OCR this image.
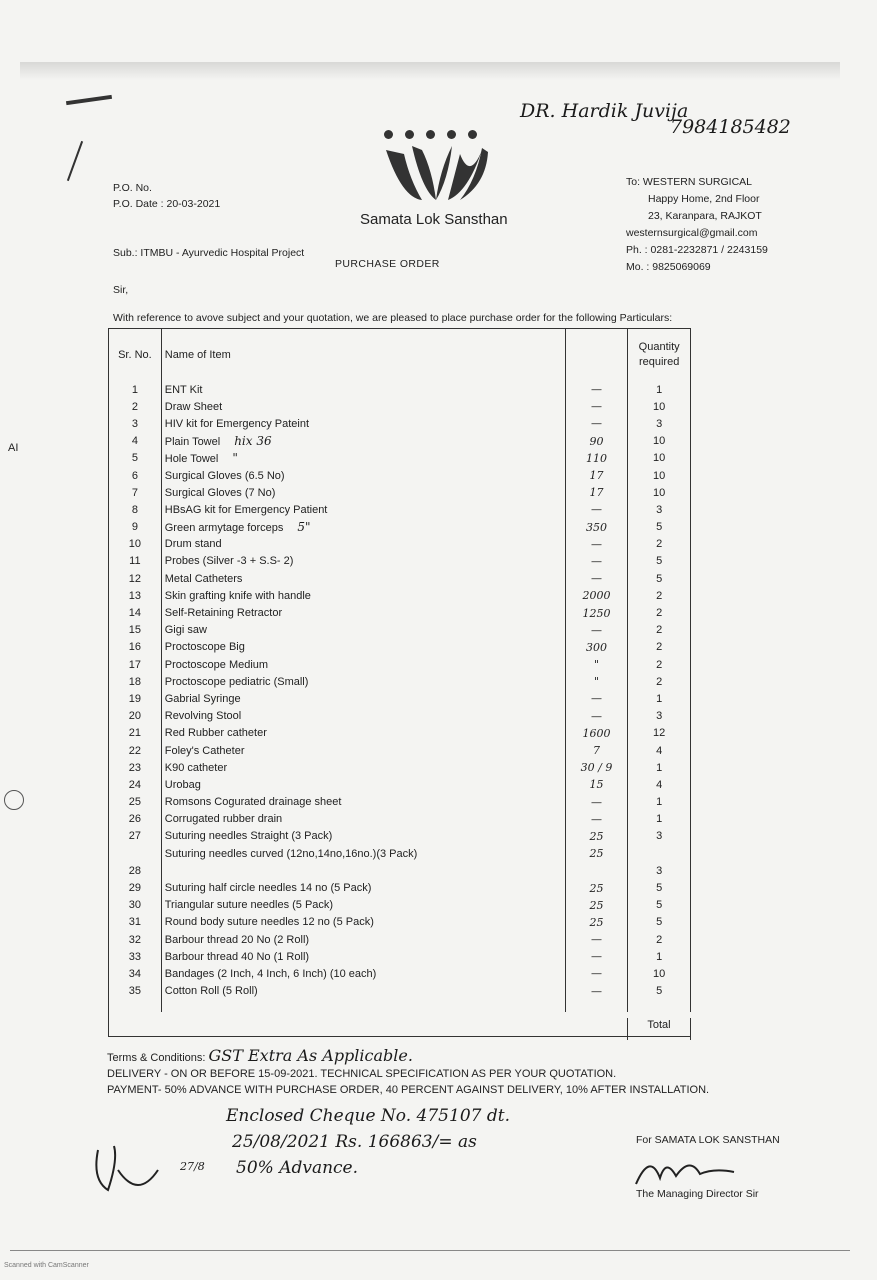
DR. Hardik Juvija
7984185482
Samata Lok Sansthan
P.O. No.
P.O. Date : 20-03-2021
To: WESTERN SURGICAL
Happy Home, 2nd Floor
23, Karanpara, RAJKOT
westernsurgical@gmail.com
Ph. : 0281-2232871 / 2243159
Mo. : 9825069069
Sub.: ITMBU - Ayurvedic Hospital Project
PURCHASE ORDER
Sir,
With reference to avove subject and your quotation, we are pleased to place purchase order for the following Particulars:
Sr. No.	Name of Item		Quantity required
1	ENT Kit	—	1
2	Draw Sheet	—	10
3	HIV kit for Emergency Pateint	—	3
4	Plain Towel hix 36	90	10
5	Hole Towel "	110	10
6	Surgical Gloves (6.5 No)	17	10
7	Surgical Gloves (7 No)	17	10
8	HBsAG kit for Emergency Patient	—	3
9	Green armytage forceps 5"	350	5
10	Drum stand	—	2
11	Probes (Silver -3 + S.S- 2)	—	5
12	Metal Catheters	—	5
13	Skin grafting knife with handle	2000	2
14	Self-Retaining Retractor	1250	2
15	Gigi saw	—	2
16	Proctoscope Big	300	2
17	Proctoscope Medium	"	2
18	Proctoscope pediatric (Small)	"	2
19	Gabrial Syringe	—	1
20	Revolving Stool	—	3
21	Red Rubber catheter	1600	12
22	Foley's Catheter	7	4
23	K90 catheter	30 / 9	1
24	Urobag	15	4
25	Romsons Cogurated drainage sheet	—	1
26	Corrugated rubber drain	—	1
27	Suturing needles Straight (3 Pack)	25	3
	Suturing needles curved (12no,14no,16no.)(3 Pack)	25	
28			3
29	Suturing half circle needles 14 no (5 Pack)	25	5
30	Triangular suture needles (5 Pack)	25	5
31	Round body suture needles 12 no (5 Pack)	25	5
32	Barbour thread 20 No (2 Roll)	—	2
33	Barbour thread 40 No (1 Roll)	—	1
34	Bandages (2 Inch, 4 Inch, 6 Inch) (10 each)	—	10
35	Cotton Roll (5 Roll)	—	5

Total
Terms & Conditions: GST Extra As Applicable.
DELIVERY - ON OR BEFORE 15-09-2021. TECHNICAL SPECIFICATION AS PER YOUR QUOTATION.
PAYMENT- 50% ADVANCE WITH PURCHASE ORDER, 40 PERCENT AGAINST DELIVERY, 10% AFTER INSTALLATION.
Enclosed Cheque No. 475107 dt.
25/08/2021 Rs. 166863/= as
50% Advance.
27/8
For SAMATA LOK SANSTHAN
The Managing Director Sir
AI
Scanned with CamScanner
